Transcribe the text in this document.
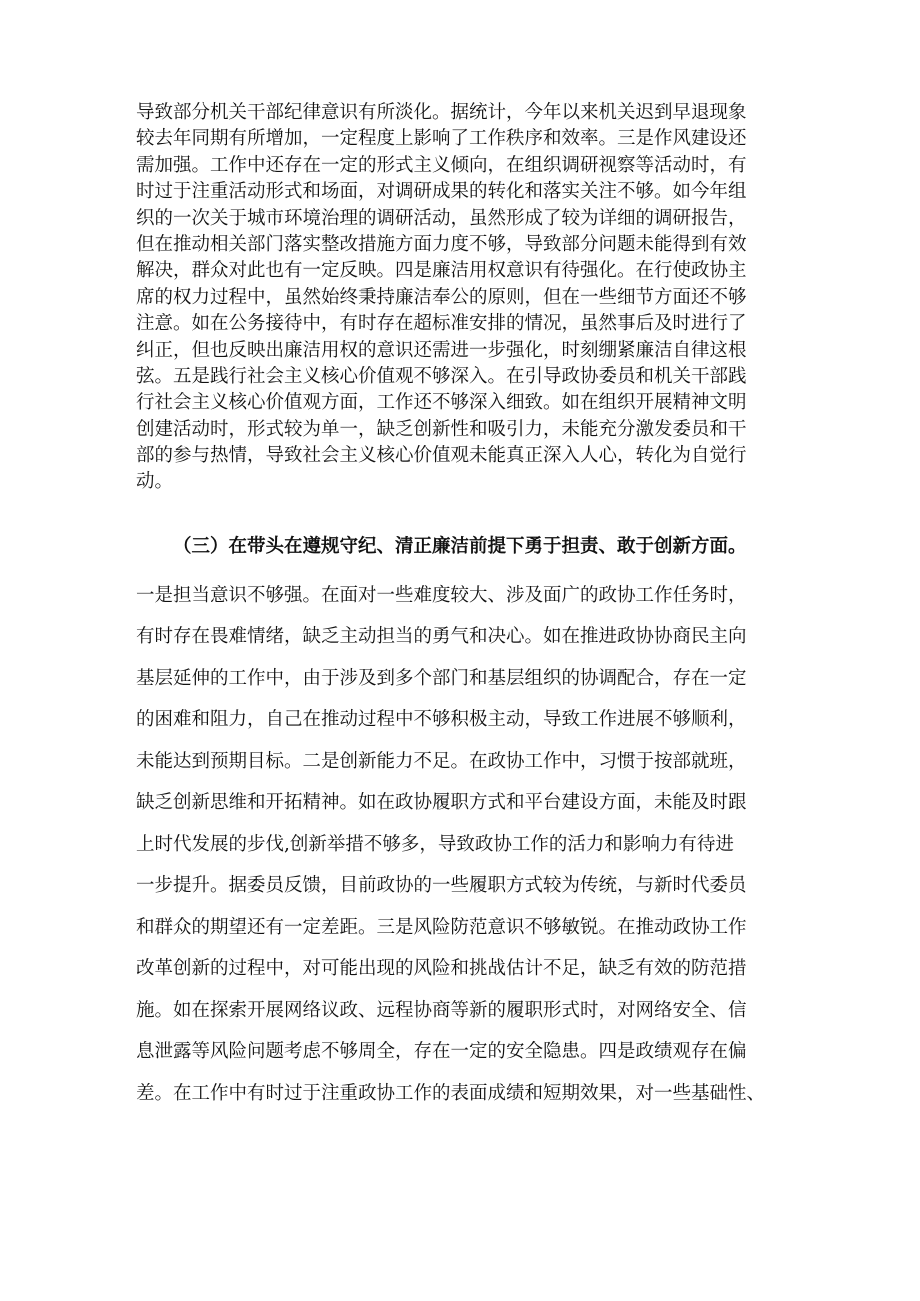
导致部分机关干部纪律意识有所淡化。据统计，今年以来机关迟到早退现象
较去年同期有所增加，一定程度上影响了工作秩序和效率。三是作风建设还
需加强。工作中还存在一定的形式主义倾向，在组织调研视察等活动时，有
时过于注重活动形式和场面，对调研成果的转化和落实关注不够。如今年组
织的一次关于城市环境治理的调研活动，虽然形成了较为详细的调研报告，
但在推动相关部门落实整改措施方面力度不够，导致部分问题未能得到有效
解决，群众对此也有一定反映。四是廉洁用权意识有待强化。在行使政协主
席的权力过程中，虽然始终秉持廉洁奉公的原则，但在一些细节方面还不够
注意。如在公务接待中，有时存在超标准安排的情况，虽然事后及时进行了
纠正，但也反映出廉洁用权的意识还需进一步强化，时刻绷紧廉洁自律这根
弦。五是践行社会主义核心价值观不够深入。在引导政协委员和机关干部践
行社会主义核心价值观方面，工作还不够深入细致。如在组织开展精神文明
创建活动时，形式较为单一，缺乏创新性和吸引力，未能充分激发委员和干
部的参与热情，导致社会主义核心价值观未能真正深入人心，转化为自觉行
动。
（三）在带头在遵规守纪、清正廉洁前提下勇于担责、敢于创新方面。
一是担当意识不够强。在面对一些难度较大、涉及面广的政协工作任务时，
有时存在畏难情绪，缺乏主动担当的勇气和决心。如在推进政协协商民主向
基层延伸的工作中，由于涉及到多个部门和基层组织的协调配合，存在一定
的困难和阻力，自己在推动过程中不够积极主动，导致工作进展不够顺利，
未能达到预期目标。二是创新能力不足。在政协工作中，习惯于按部就班，
缺乏创新思维和开拓精神。如在政协履职方式和平台建设方面，未能及时跟
上时代发展的步伐,创新举措不够多，导致政协工作的活力和影响力有待进
一步提升。据委员反馈，目前政协的一些履职方式较为传统，与新时代委员
和群众的期望还有一定差距。三是风险防范意识不够敏锐。在推动政协工作
改革创新的过程中，对可能出现的风险和挑战估计不足，缺乏有效的防范措
施。如在探索开展网络议政、远程协商等新的履职形式时，对网络安全、信
息泄露等风险问题考虑不够周全，存在一定的安全隐患。四是政绩观存在偏
差。在工作中有时过于注重政协工作的表面成绩和短期效果，对一些基础性、
